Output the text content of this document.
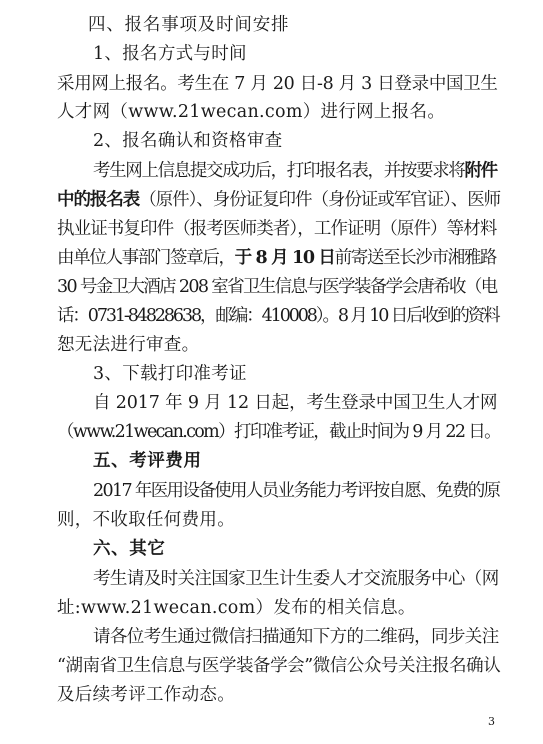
四、报名事项及时间安排
1、报名方式与时间
采用网上报名。考生在 7 月 20 日-8 月 3 日登录中国卫生
人才网（www.21wecan.com）进行网上报名。
2、报名确认和资格审查
考生网上信息提交成功后，打印报名表，并按要求将附件
中的报名表（原件）、身份证复印件（身份证或军官证）、医师
执业证书复印件（报考医师类者），工作证明（原件）等材料
由单位人事部门签章后，于 8 月 10 日前寄送至长沙市湘雅路
30 号金卫大酒店 208 室省卫生信息与医学装备学会唐希收（电
话：0731-84828638，邮编：410008）。8 月 10 日后收到的资料
恕无法进行审查。
3、下载打印准考证
自 2017 年 9 月 12 日起，考生登录中国卫生人才网
（www.21wecan.com）打印准考证，截止时间为 9 月 22 日。
五、考评费用
2017 年医用设备使用人员业务能力考评按自愿、免费的原
则，不收取任何费用。
六、其它
考生请及时关注国家卫生计生委人才交流服务中心（网
址:www.21wecan.com）发布的相关信息。
请各位考生通过微信扫描通知下方的二维码，同步关注
“湖南省卫生信息与医学装备学会”微信公众号关注报名确认
及后续考评工作动态。
3
